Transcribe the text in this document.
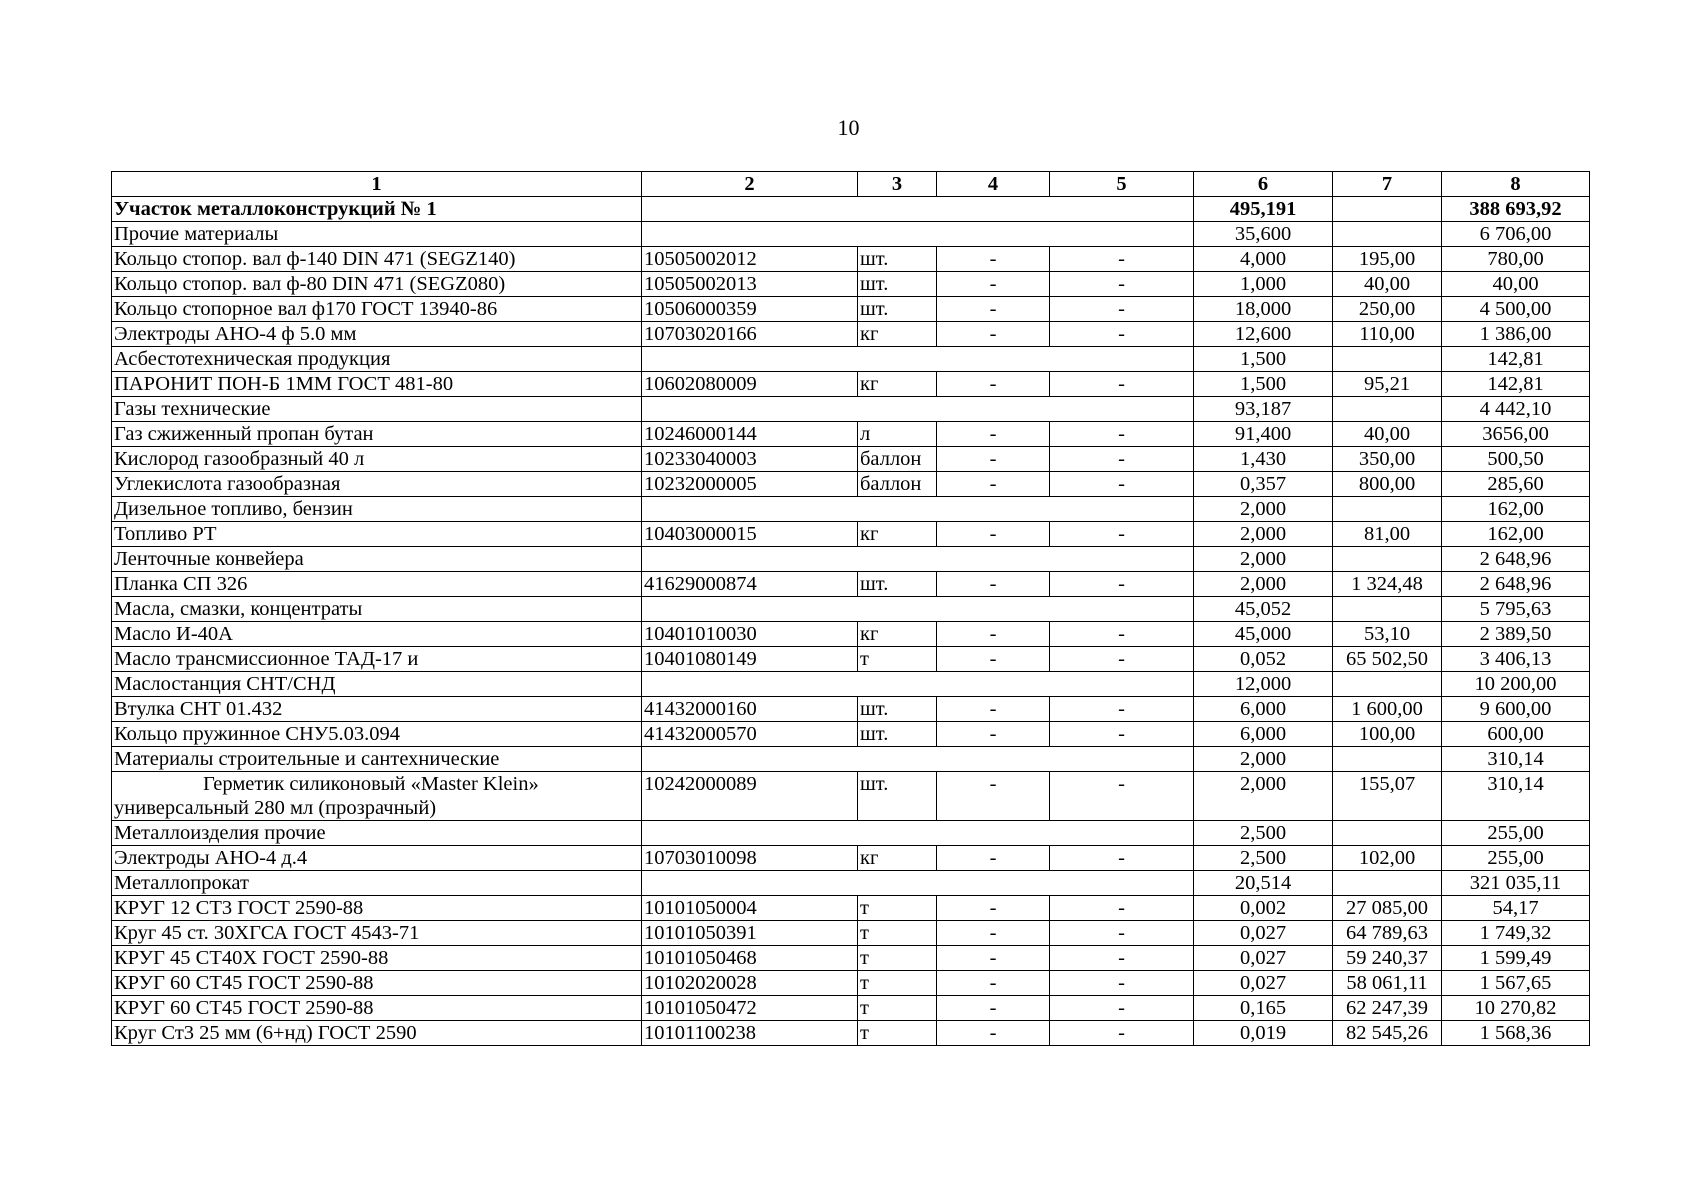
10
1	2	3	4	5	6	7	8
Участок металлоконструкций № 1					495,191		388 693,92
Прочие материалы					35,600		6 706,00
Кольцо стопор. вал ф-140 DIN 471 (SEGZ140)	10505002012	шт.	-	-	4,000	195,00	780,00
Кольцо стопор. вал ф-80 DIN 471 (SEGZ080)	10505002013	шт.	-	-	1,000	40,00	40,00
Кольцо стопорное вал ф170 ГОСТ 13940-86	10506000359	шт.	-	-	18,000	250,00	4 500,00
Электроды АНО-4 ф 5.0 мм	10703020166	кг	-	-	12,600	110,00	1 386,00
Асбестотехническая продукция					1,500		142,81
ПАРОНИТ ПОН-Б 1ММ ГОСТ 481-80	10602080009	кг	-	-	1,500	95,21	142,81
Газы технические					93,187		4 442,10
Газ сжиженный пропан бутан	10246000144	л	-	-	91,400	40,00	3656,00
Кислород газообразный 40 л	10233040003	баллон	-	-	1,430	350,00	500,50
Углекислота газообразная	10232000005	баллон	-	-	0,357	800,00	285,60
Дизельное топливо, бензин					2,000		162,00
Топливо РТ	10403000015	кг	-	-	2,000	81,00	162,00
Ленточные конвейера					2,000		2 648,96
Планка СП 326	41629000874	шт.	-	-	2,000	1 324,48	2 648,96
Масла, смазки, концентраты					45,052		5 795,63
Масло И-40А	10401010030	кг	-	-	45,000	53,10	2 389,50
Масло трансмиссионное ТАД-17 и	10401080149	т	-	-	0,052	65 502,50	3 406,13
Маслостанция СНТ/СНД					12,000		10 200,00
Втулка СНТ 01.432	41432000160	шт.	-	-	6,000	1 600,00	9 600,00
Кольцо пружинное СНУ5.03.094	41432000570	шт.	-	-	6,000	100,00	600,00
Материалы строительные и сантехнические					2,000		310,14
Герметик силиконовый «Master Klein» универсальный 280 мл (прозрачный)	10242000089	шт.	-	-	2,000	155,07	310,14
Металлоизделия прочие					2,500		255,00
Электроды АНО-4 д.4	10703010098	кг	-	-	2,500	102,00	255,00
Металлопрокат					20,514		321 035,11
КРУГ 12 СТ3 ГОСТ 2590-88	10101050004	т	-	-	0,002	27 085,00	54,17
Круг 45 ст. 30ХГСА ГОСТ 4543-71	10101050391	т	-	-	0,027	64 789,63	1 749,32
КРУГ 45 СТ40Х ГОСТ 2590-88	10101050468	т	-	-	0,027	59 240,37	1 599,49
КРУГ 60 СТ45 ГОСТ 2590-88	10102020028	т	-	-	0,027	58 061,11	1 567,65
КРУГ 60 СТ45 ГОСТ 2590-88	10101050472	т	-	-	0,165	62 247,39	10 270,82
Круг Ст3 25 мм (6+нд) ГОСТ 2590	10101100238	т	-	-	0,019	82 545,26	1 568,36
